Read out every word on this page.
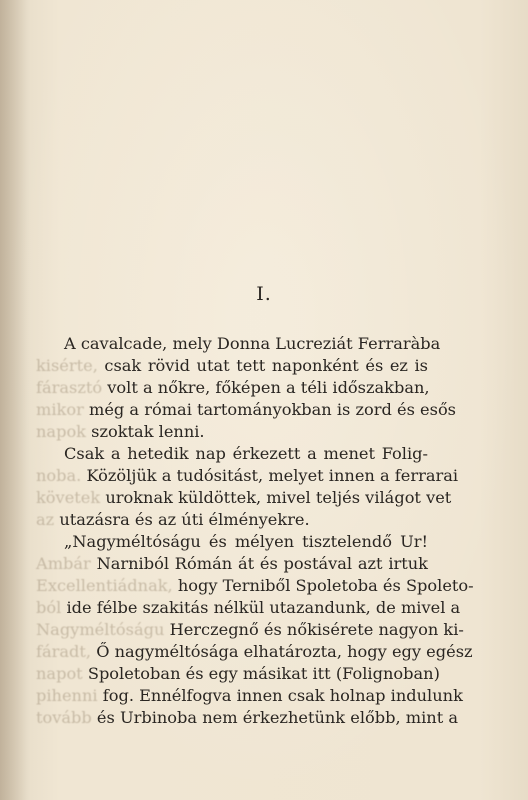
I.
A cavalcade, mely Donna Lucreziát Ferraràba
kisérte, csak rövid utat tett naponként és ez is
fárasztó volt a nőkre, főképen a téli időszakban,
mikor még a római tartományokban is zord és esős
napok szoktak lenni.
Csak a hetedik nap érkezett a menet Folig-
noba. Közöljük a tudósitást, melyet innen a ferrarai
követek uroknak küldöttek, mivel teljés világot vet
az utazásra és az úti élményekre.
„Nagyméltóságu és mélyen tisztelendő Ur!
Ambár Narniból Rómán át és postával azt irtuk
Excellentiádnak, hogy Terniből Spoletoba és Spoleto-
ból ide félbe szakitás nélkül utazandunk, de mivel a
Nagyméltóságu Herczegnő és nőkisérete nagyon ki-
fáradt, Ő nagyméltósága elhatározta, hogy egy egész
napot Spoletoban és egy másikat itt (Folignoban)
pihenni fog. Ennélfogva innen csak holnap indulunk
tovább és Urbinoba nem érkezhetünk előbb, mint a
